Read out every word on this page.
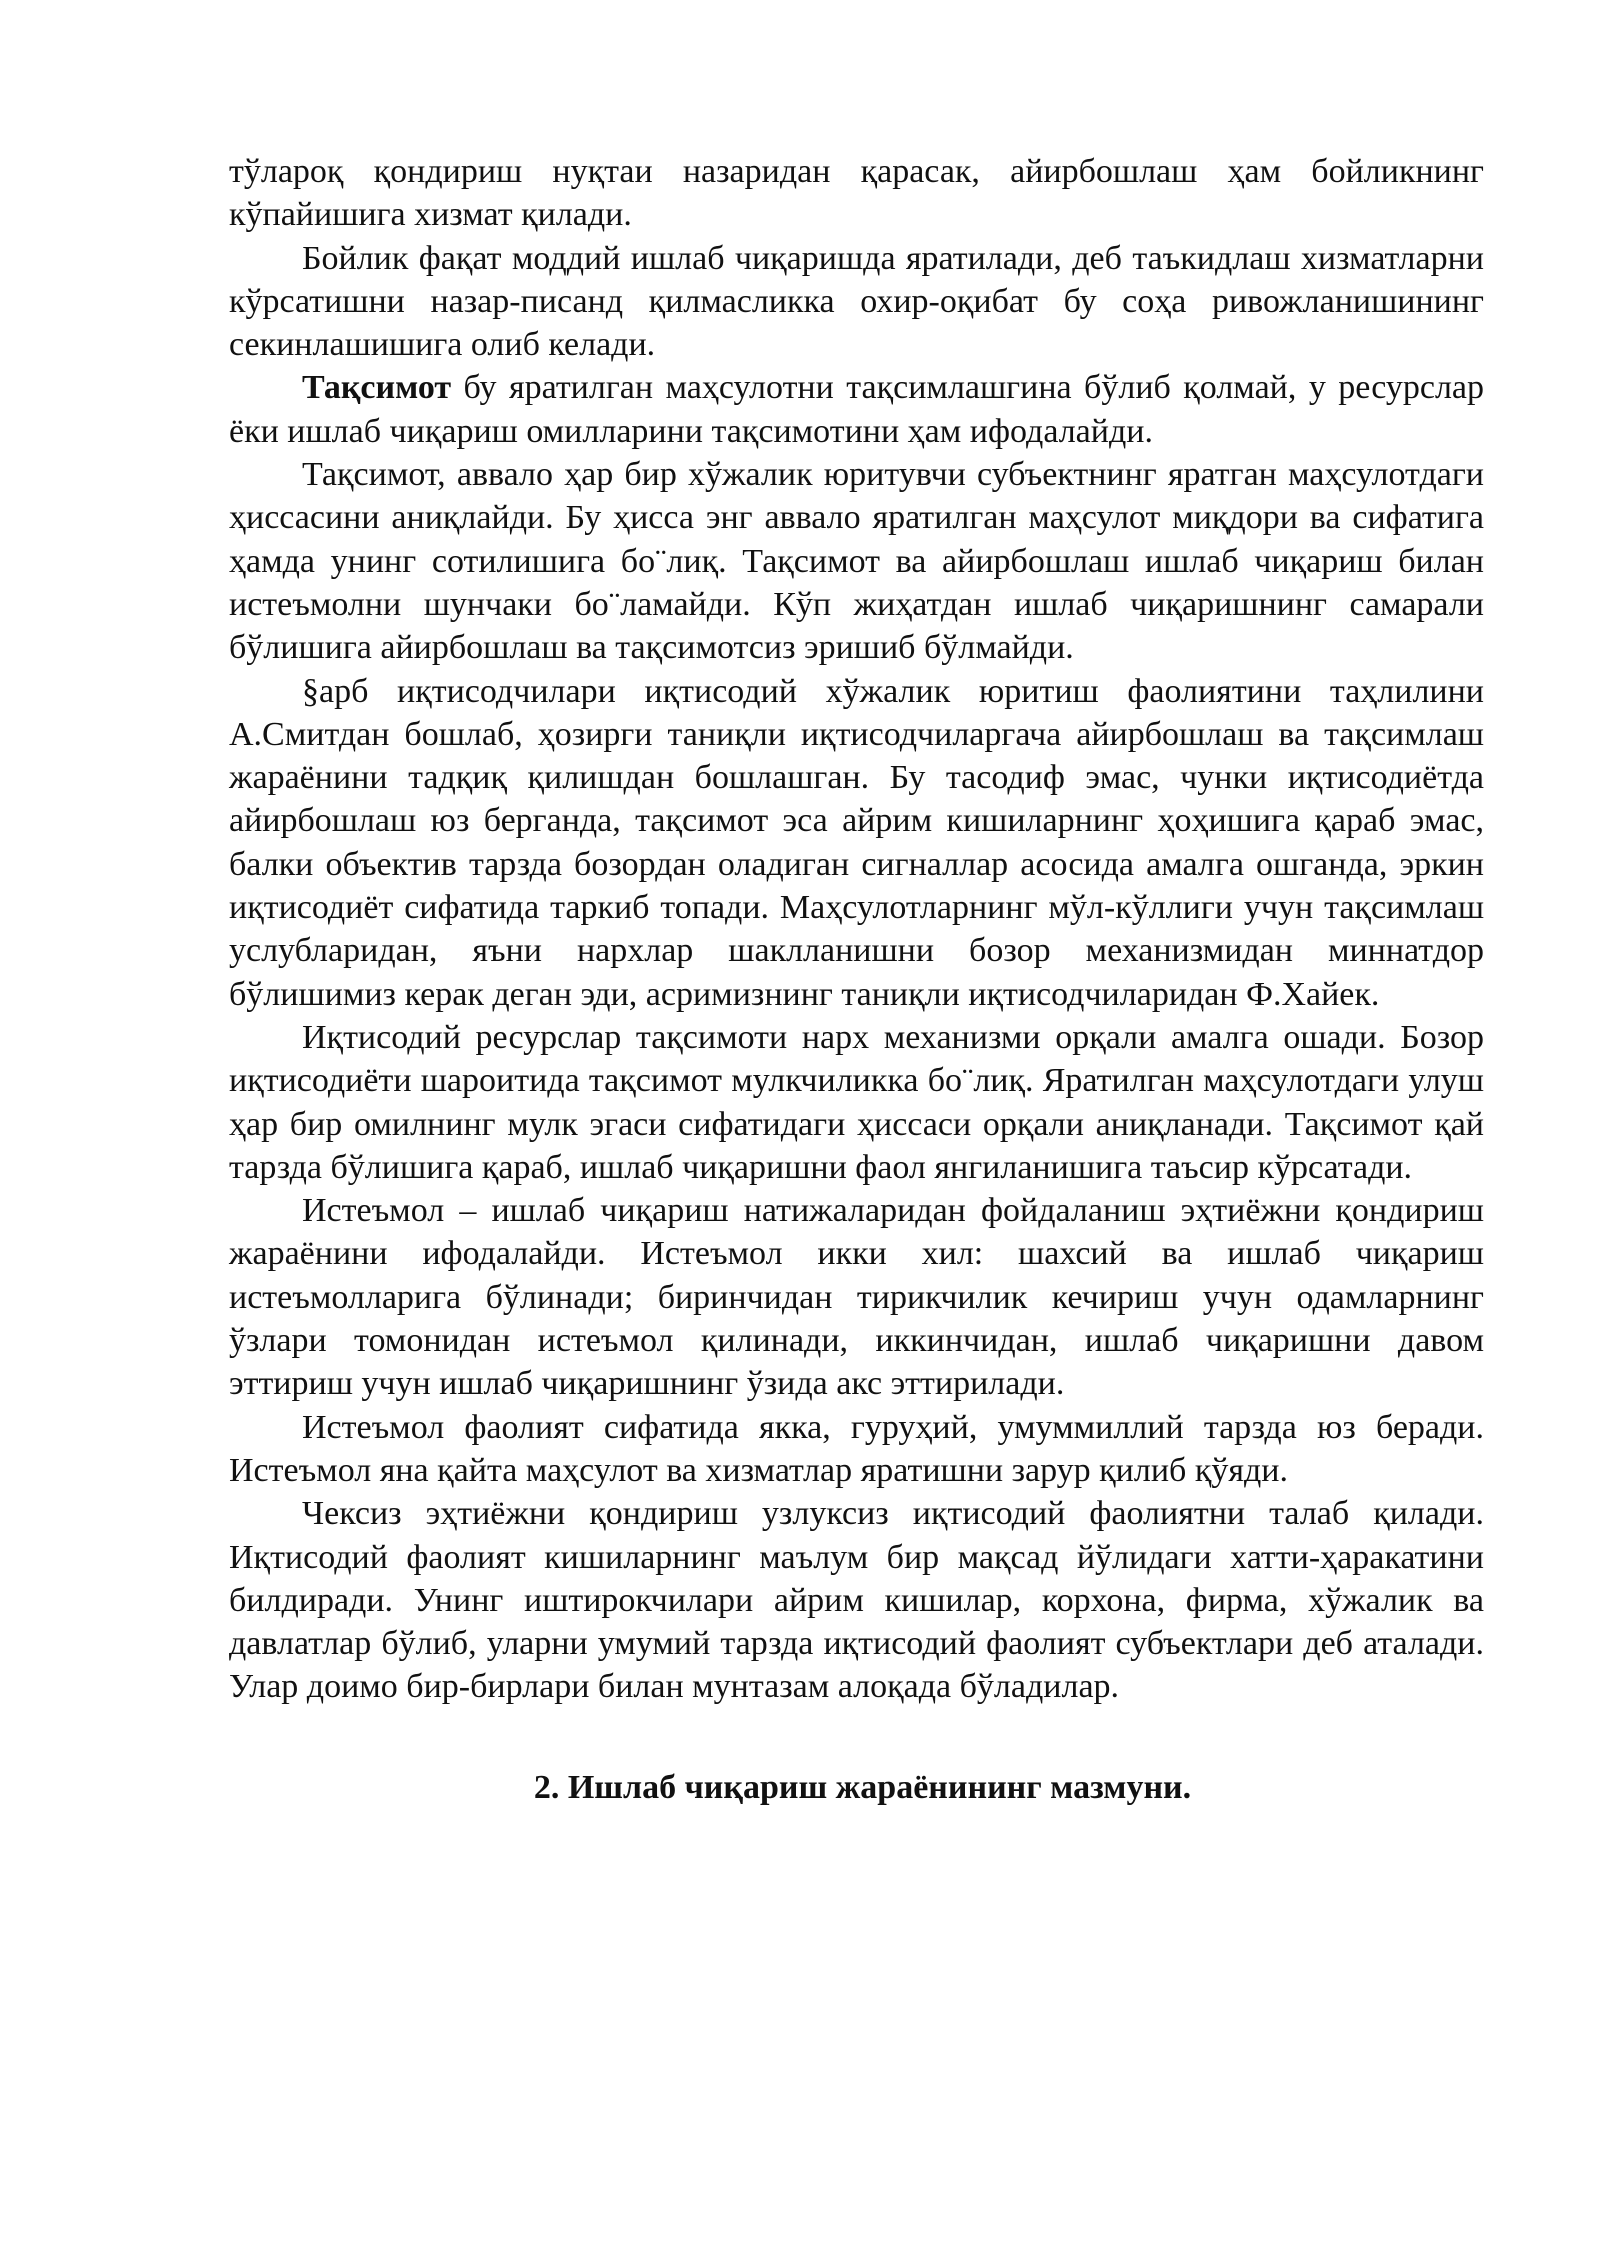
тўлароқ қондириш нуқтаи назаридан қарасак, айирбошлаш ҳам бойликнинг кўпайишига хизмат қилади.

Бойлик фақат моддий ишлаб чиқаришда яратилади, деб таъкидлаш хизматларни кўрсатишни назар-писанд қилмасликка охир-оқибат бу соҳа ривожланишининг секинлашишига олиб келади.

Тақсимот бу яратилган маҳсулотни тақсимлашгина бўлиб қолмай, у ресурслар ёки ишлаб чиқариш омилларини тақсимотини ҳам ифодалайди.

Тақсимот, аввало ҳар бир хўжалик юритувчи субъектнинг яратган маҳсулотдаги ҳиссасини аниқлайди. Бу ҳисса энг аввало яратилган маҳсулот миқдори ва сифатига ҳамда унинг сотилишига бо¨лиқ. Тақсимот ва айирбошлаш ишлаб чиқариш билан истеъмолни шунчаки бо¨ламайди. Кўп жиҳатдан ишлаб чиқаришнинг самарали бўлишига айирбошлаш ва тақсимотсиз эришиб бўлмайди.

§арб иқтисодчилари иқтисодий хўжалик юритиш фаолиятини таҳлилини А.Смитдан бошлаб, ҳозирги таниқли иқтисодчиларгача айирбошлаш ва тақсимлаш жараёнини тадқиқ қилишдан бошлашган. Бу тасодиф эмас, чунки иқтисодиётда айирбошлаш юз берганда, тақсимот эса айрим кишиларнинг ҳоҳишига қараб эмас, балки объектив тарзда бозордан оладиган сигналлар асосида амалга ошганда, эркин иқтисодиёт сифатида таркиб топади. Маҳсулотларнинг мўл-кўллиги учун тақсимлаш услубларидан, яъни нархлар шаклланишни бозор механизмидан миннатдор бўлишимиз керак деган эди, асримизнинг таниқли иқтисодчиларидан Ф.Хайек.

Иқтисодий ресурслар тақсимоти нарх механизми орқали амалга ошади. Бозор иқтисодиёти шароитида тақсимот мулкчиликка бо¨лиқ. Яратилган маҳсулотдаги улуш ҳар бир омилнинг мулк эгаси сифатидаги ҳиссаси орқали аниқланади. Тақсимот қай тарзда бўлишига қараб, ишлаб чиқаришни фаол янгиланишига таъсир кўрсатади.

Истеъмол – ишлаб чиқариш натижаларидан фойдаланиш эҳтиёжни қондириш жараёнини ифодалайди. Истеъмол икки хил: шахсий ва ишлаб чиқариш истеъмолларига бўлинади; биринчидан тирикчилик кечириш учун одамларнинг ўзлари томонидан истеъмол қилинади, иккинчидан, ишлаб чиқаришни давом эттириш учун ишлаб чиқаришнинг ўзида акс эттирилади.

Истеъмол фаолият сифатида якка, гуруҳий, умуммиллий тарзда юз беради. Истеъмол яна қайта маҳсулот ва хизматлар яратишни зарур қилиб қўяди.

Чексиз эҳтиёжни қондириш узлуксиз иқтисодий фаолиятни талаб қилади. Иқтисодий фаолият кишиларнинг маълум бир мақсад йўлидаги хатти-ҳаракатини билдиради. Унинг иштирокчилари айрим кишилар, корхона, фирма, хўжалик ва давлатлар бўлиб, уларни умумий тарзда иқтисодий фаолият субъектлари деб аталади. Улар доимо бир-бирлари билан мунтазам алоқада бўладилар.

2. Ишлаб чиқариш жараёнининг мазмуни.
